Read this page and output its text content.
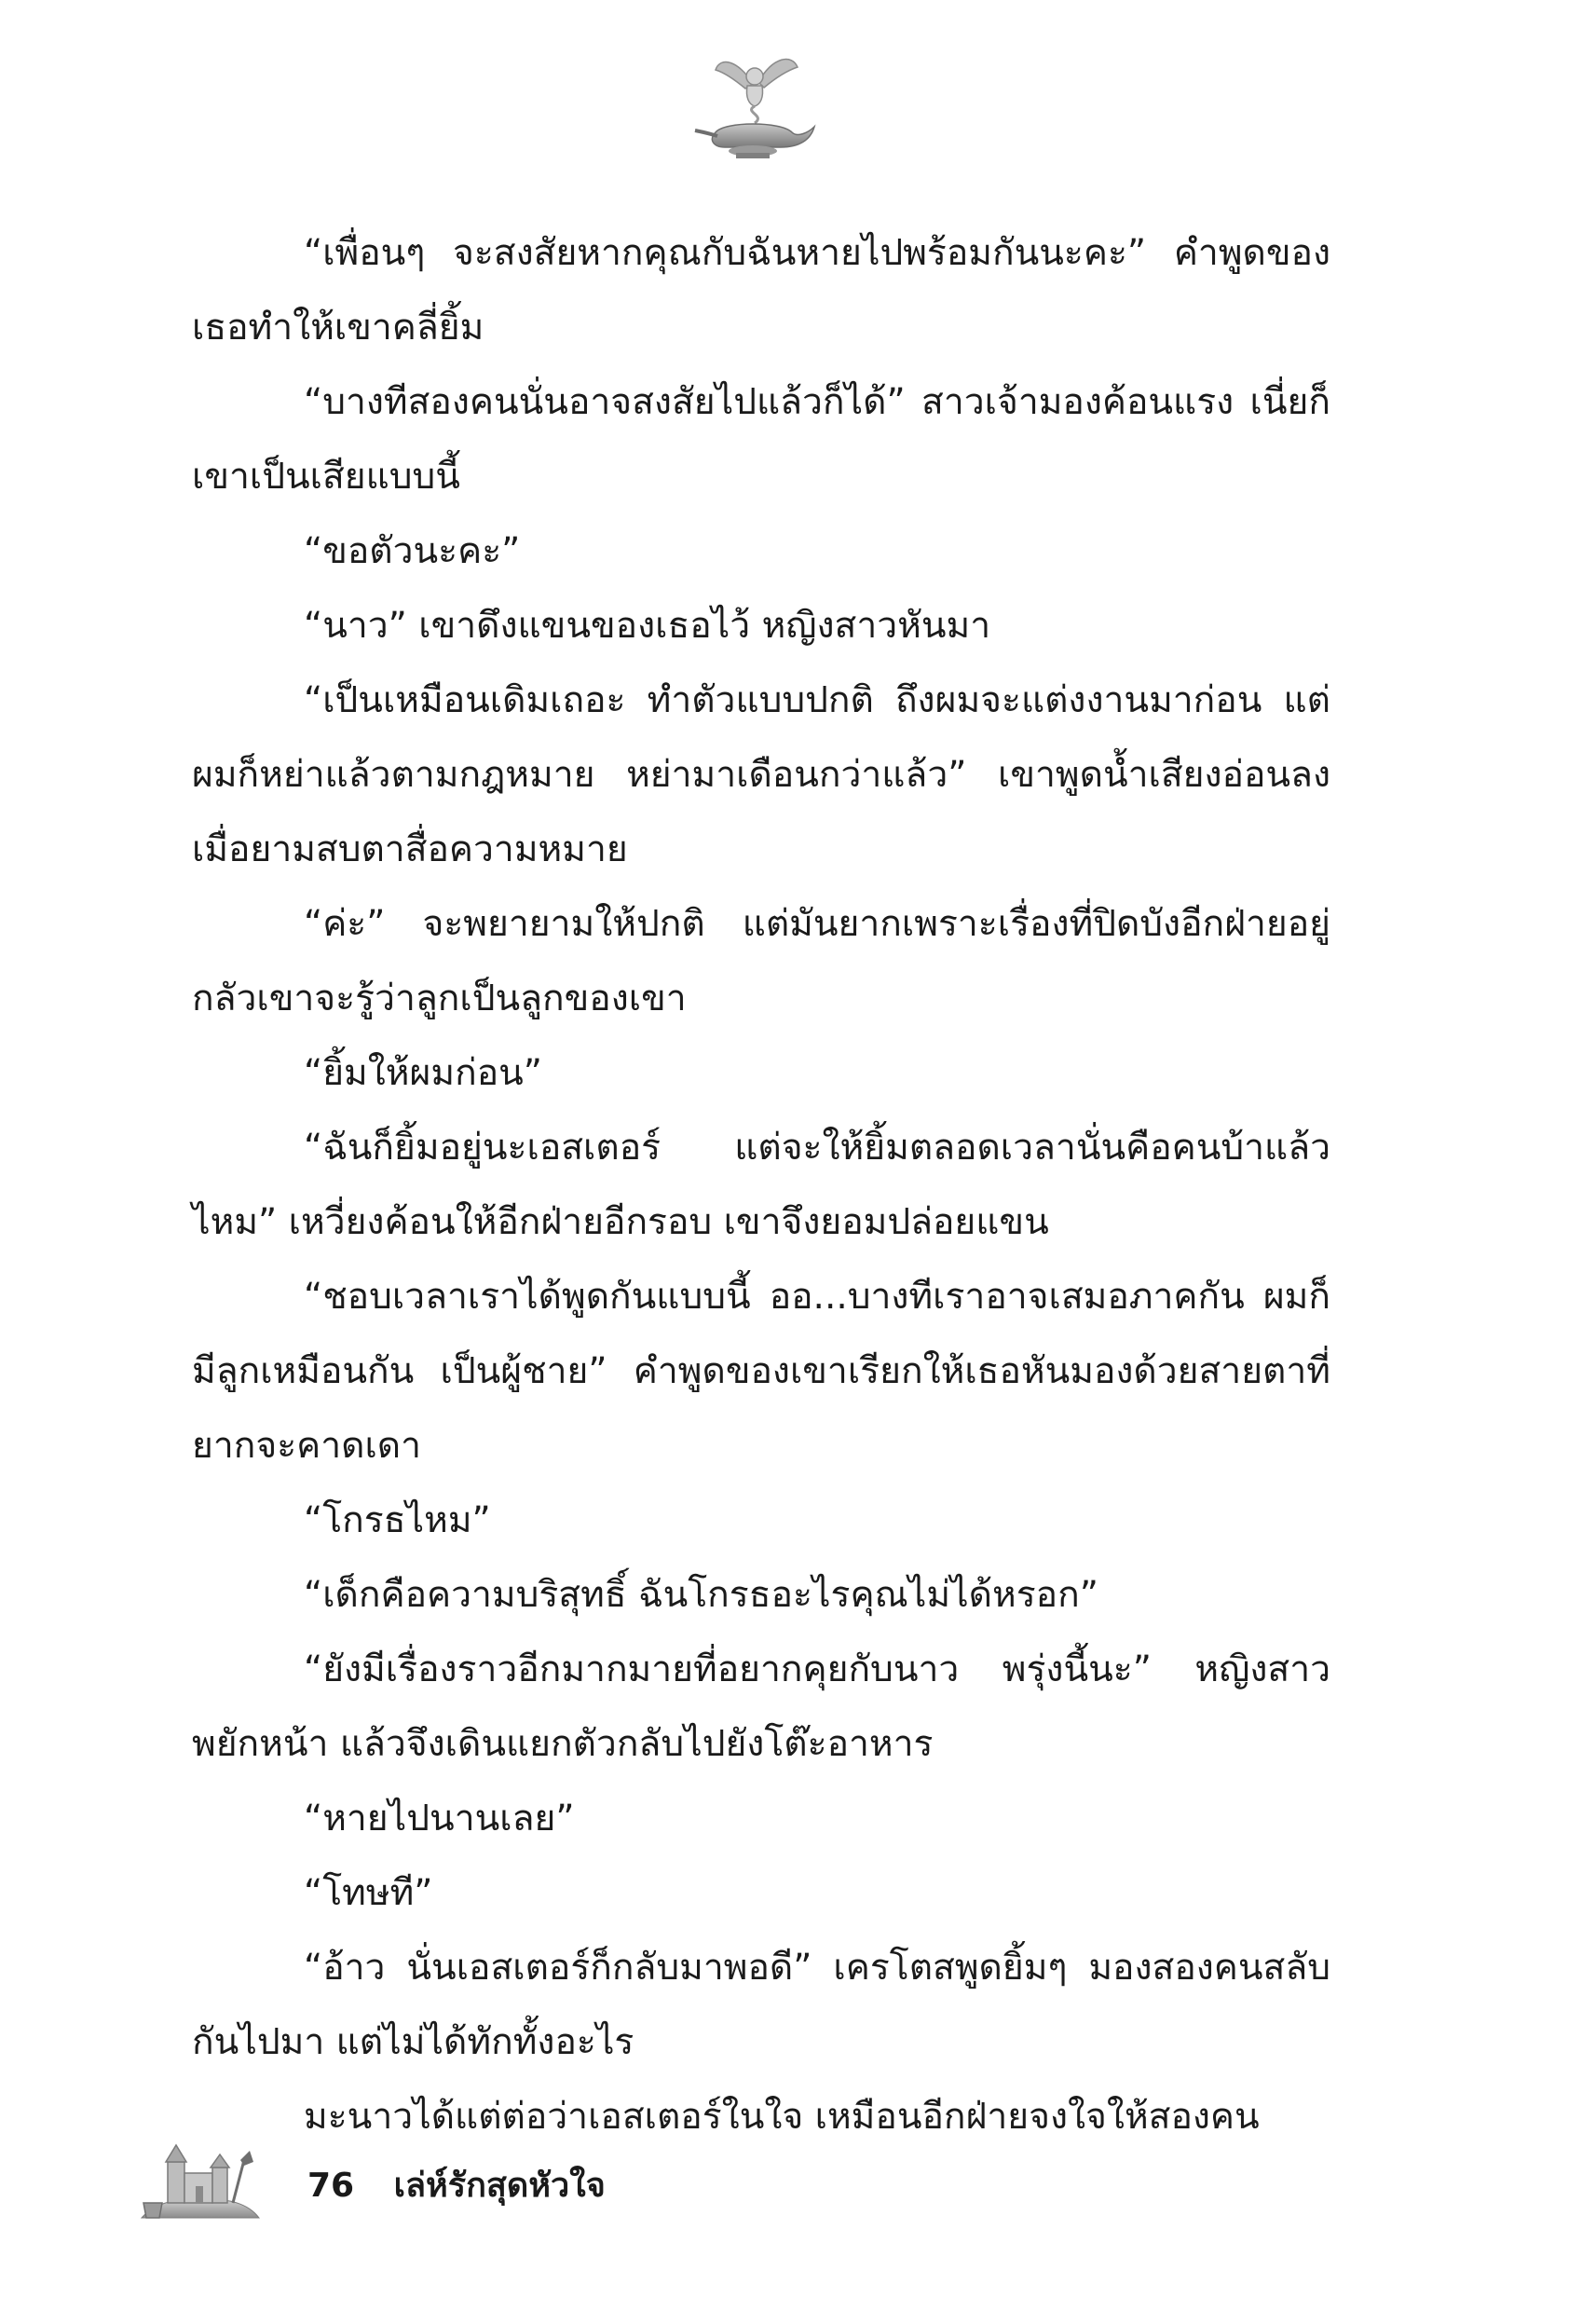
“เพื่อนๆ จะสงสัยหากคุณกับฉันหายไปพร้อมกันนะคะ” คำพูดของเธอทำให้เขาคลี่ยิ้ม

“บางทีสองคนนั่นอาจสงสัยไปแล้วก็ได้” สาวเจ้ามองค้อนแรง เนี่ยก็เขาเป็นเสียแบบนี้

“ขอตัวนะคะ”

“นาว” เขาดึงแขนของเธอไว้ หญิงสาวหันมา

“เป็นเหมือนเดิมเถอะ ทำตัวแบบปกติ ถึงผมจะแต่งงานมาก่อน แต่ผมก็หย่าแล้วตามกฎหมาย หย่ามาเดือนกว่าแล้ว” เขาพูดน้ำเสียงอ่อนลง เมื่อยามสบตาสื่อความหมาย

“ค่ะ” จะพยายามให้ปกติ แต่มันยากเพราะเรื่องที่ปิดบังอีกฝ่ายอยู่ กลัวเขาจะรู้ว่าลูกเป็นลูกของเขา

“ยิ้มให้ผมก่อน”

“ฉันก็ยิ้มอยู่นะเอสเตอร์ แต่จะให้ยิ้มตลอดเวลานั่นคือคนบ้าแล้วไหม” เหวี่ยงค้อนให้อีกฝ่ายอีกรอบ เขาจึงยอมปล่อยแขน

“ชอบเวลาเราได้พูดกันแบบนี้ ออ...บางทีเราอาจเสมอภาคกัน ผมก็มีลูกเหมือนกัน เป็นผู้ชาย” คำพูดของเขาเรียกให้เธอหันมองด้วยสายตาที่ยากจะคาดเดา

“โกรธไหม”

“เด็กคือความบริสุทธิ์ ฉันโกรธอะไรคุณไม่ได้หรอก”

“ยังมีเรื่องราวอีกมากมายที่อยากคุยกับนาว พรุ่งนี้นะ” หญิงสาวพยักหน้า แล้วจึงเดินแยกตัวกลับไปยังโต๊ะอาหาร

“หายไปนานเลย”

“โทษที”

“อ้าว นั่นเอสเตอร์ก็กลับมาพอดี” เครโตสพูดยิ้มๆ มองสองคนสลับกันไปมา แต่ไม่ได้ทักทั้งอะไร

มะนาวได้แต่ต่อว่าเอสเตอร์ในใจ เหมือนอีกฝ่ายจงใจให้สองคน

76 เล่ห์รักสุดหัวใจ
